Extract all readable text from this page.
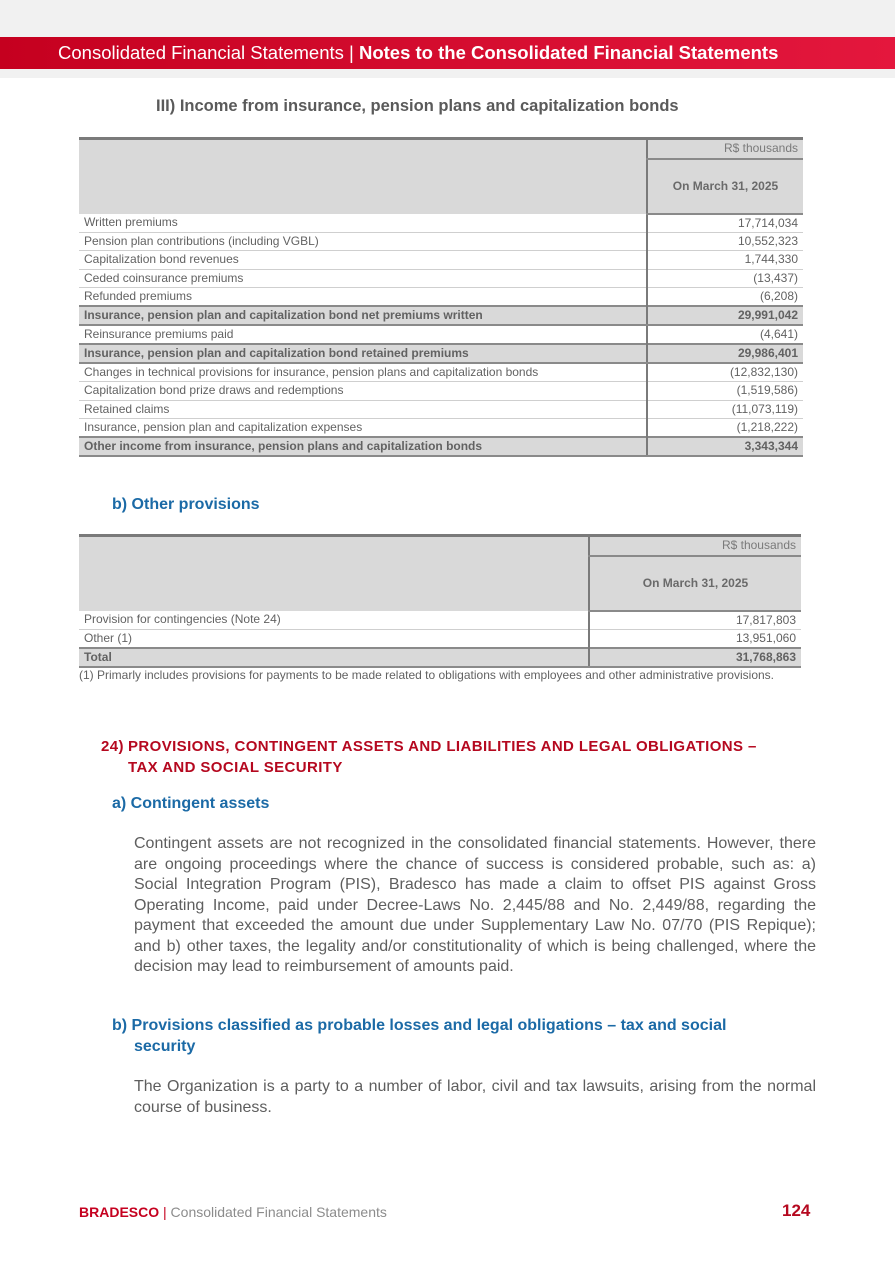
Consolidated Financial Statements | Notes to the Consolidated Financial Statements
III) Income from insurance, pension plans and capitalization bonds
	R$ thousands
	On March 31, 2025
Written premiums	17,714,034
Pension plan contributions (including VGBL)	10,552,323
Capitalization bond revenues	1,744,330
Ceded coinsurance premiums	(13,437)
Refunded premiums	(6,208)
Insurance, pension plan and capitalization bond net premiums written	29,991,042
Reinsurance premiums paid	(4,641)
Insurance, pension plan and capitalization bond retained premiums	29,986,401
Changes in technical provisions for insurance, pension plans and capitalization bonds	(12,832,130)
Capitalization bond prize draws and redemptions	(1,519,586)
Retained claims	(11,073,119)
Insurance, pension plan and capitalization expenses	(1,218,222)
Other income from insurance, pension plans and capitalization bonds	3,343,344
b) Other provisions
	R$ thousands
	On March 31, 2025
Provision for contingencies (Note 24)	17,817,803
Other (1)	13,951,060
Total	31,768,863
(1) Primarly includes provisions for payments to be made related to obligations with employees and other administrative provisions.
24) PROVISIONS, CONTINGENT ASSETS AND LIABILITIES AND LEGAL OBLIGATIONS –
TAX AND SOCIAL SECURITY
a) Contingent assets
Contingent assets are not recognized in the consolidated financial statements. However, there are ongoing proceedings where the chance of success is considered probable, such as: a) Social Integration Program (PIS), Bradesco has made a claim to offset PIS against Gross Operating Income, paid under Decree-Laws No. 2,445/88 and No. 2,449/88, regarding the payment that exceeded the amount due under Supplementary Law No. 07/70 (PIS Repique); and b) other taxes, the legality and/or constitutionality of which is being challenged, where the decision may lead to reimbursement of amounts paid.
b) Provisions classified as probable losses and legal obligations – tax and social
security
The Organization is a party to a number of labor, civil and tax lawsuits, arising from the normal course of business.
BRADESCO | Consolidated Financial Statements	124
